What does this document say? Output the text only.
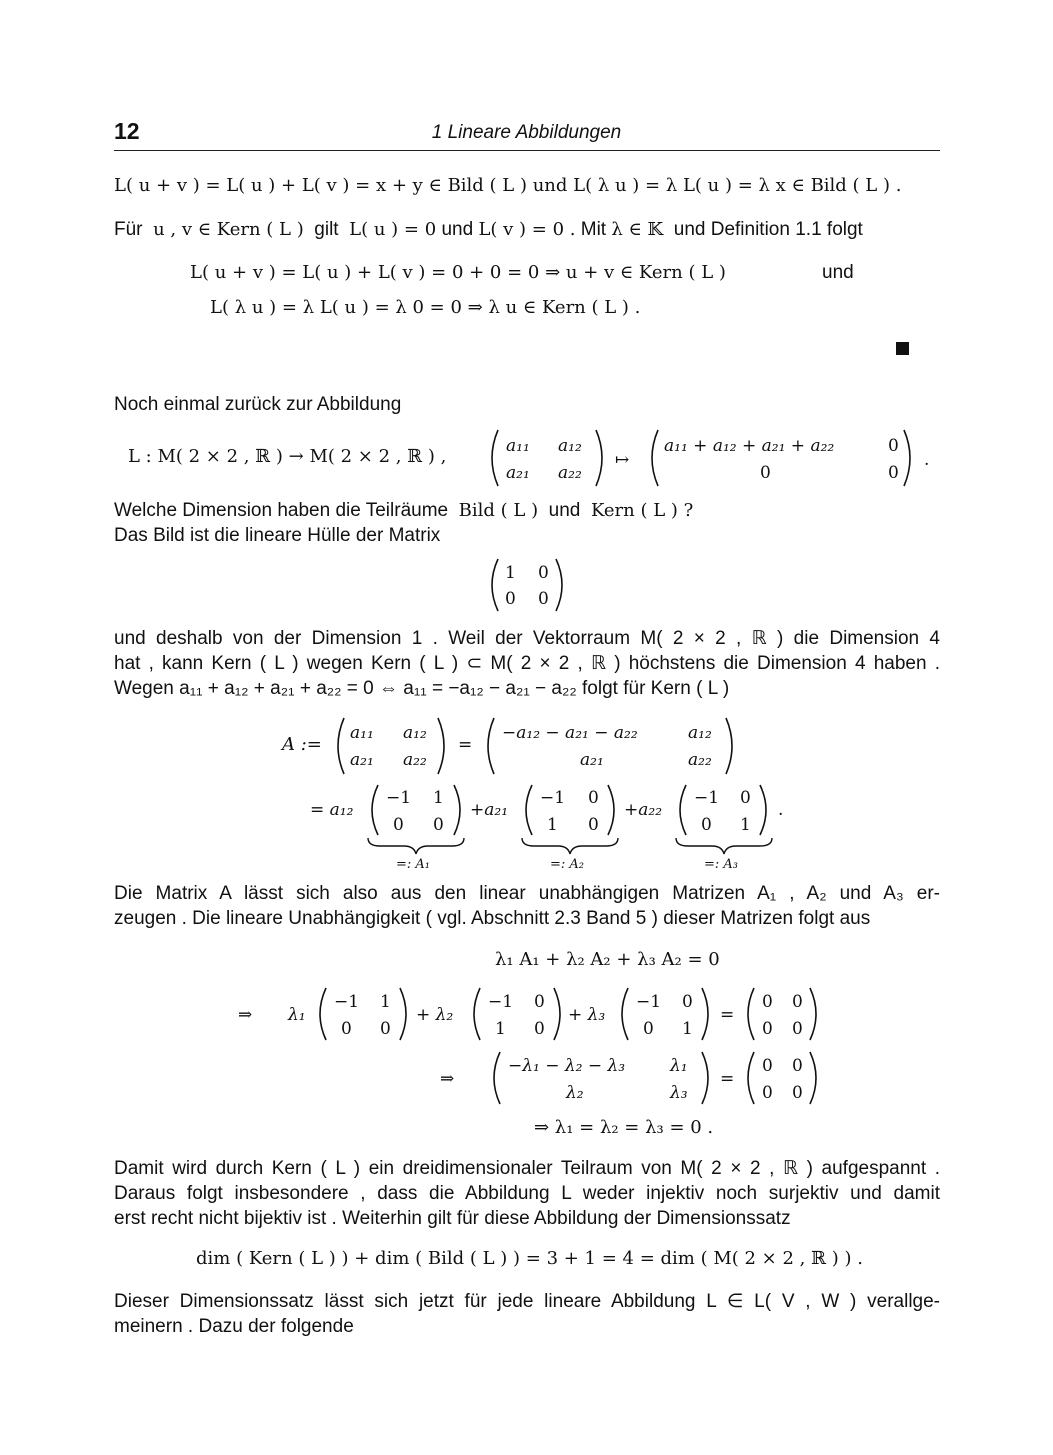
12	1 Lineare Abbildungen
L( u + v ) = L( u ) + L( v ) = x + y ∈ Bild ( L ) und L( λ u ) = λ L( u ) = λ x ∈ Bild ( L ) .
Für u , v ∈ Kern ( L ) gilt L( u ) = 0 und L( v ) = 0 . Mit λ ∈ 𝕂 und Definition 1.1 folgt
L( u + v ) = L( u ) + L( v ) = 0 + 0 = 0 ⇒ u + v ∈ Kern ( L )	und
L( λ u ) = λ L( u ) = λ 0 = 0 ⇒ λ u ∈ Kern ( L ) .
Noch einmal zurück zur Abbildung
L : M( 2 × 2 , ℝ ) → M( 2 × 2 , ℝ ) ,	a₁₁ a₁₂
a₂₁ a₂₂
↦
a₁₁ + a₁₂ + a₂₁ + a₂₂	0
0	0
.
Welche Dimension haben die Teilräume Bild ( L ) und Kern ( L ) ?
Das Bild ist die lineare Hülle der Matrix
1 0
0 0
und deshalb von der Dimension 1 . Weil der Vektorraum M( 2 × 2 , ℝ ) die Dimension 4
hat , kann Kern ( L ) wegen Kern ( L ) ⊂ M( 2 × 2 , ℝ ) höchstens die Dimension 4 haben .
Wegen a₁₁ + a₁₂ + a₂₁ + a₂₂ = 0 ⇔ a₁₁ = −a₁₂ − a₂₁ − a₂₂ folgt für Kern ( L )
A :=
a₁₁ a₁₂
a₂₁ a₂₂
=
−a₁₂ − a₂₁ − a₂₂	a₁₂
a₂₁	a₂₂
= a₁₂
−1 1
0 0
=: A₁
+a₂₁
−1 0
1 0
=: A₂
+a₂₂
−1 0
0 1
=: A₃
.
Die Matrix A lässt sich also aus den linear unabhängigen Matrizen A₁ , A₂ und A₃ er-
zeugen . Die lineare Unabhängigkeit ( vgl. Abschnitt 2.3 Band 5 ) dieser Matrizen folgt aus
λ₁ A₁ + λ₂ A₂ + λ₃ A₂ = 0
⇒ λ₁
−1 1
0 0
+ λ₂
−1 0
1 0
+ λ₃
−1 0
0 1
=
0 0
0 0
⇒
−λ₁ − λ₂ − λ₃	λ₁
λ₂	λ₃
=
0 0
0 0
⇒ λ₁ = λ₂ = λ₃ = 0 .
Damit wird durch Kern ( L ) ein dreidimensionaler Teilraum von M( 2 × 2 , ℝ ) aufgespannt .
Daraus folgt insbesondere , dass die Abbildung L weder injektiv noch surjektiv und damit
erst recht nicht bijektiv ist . Weiterhin gilt für diese Abbildung der Dimensionssatz
dim ( Kern ( L ) ) + dim ( Bild ( L ) ) = 3 + 1 = 4 = dim ( M( 2 × 2 , ℝ ) ) .
Dieser Dimensionssatz lässt sich jetzt für jede lineare Abbildung L ∈ L( V , W ) verallge-
meinern . Dazu der folgende
